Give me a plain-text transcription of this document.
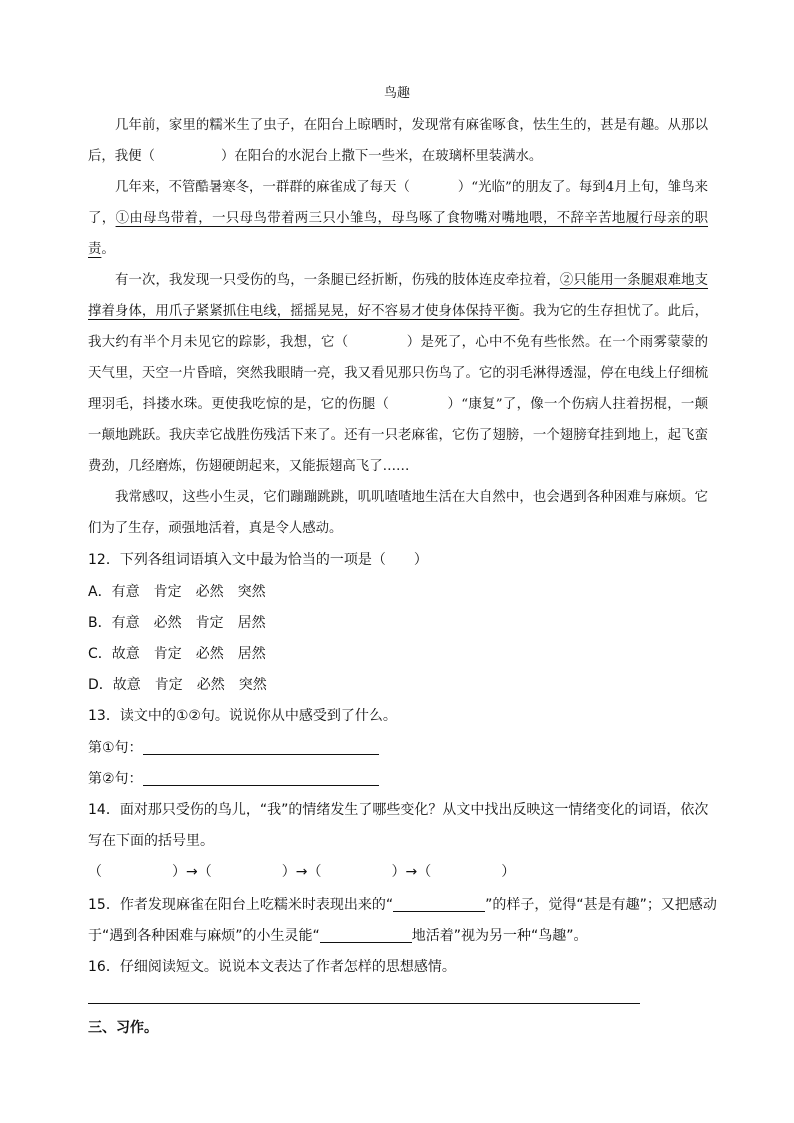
鸟趣
几年前，家里的糯米生了虫子，在阳台上晾晒时，发现常有麻雀啄食，怯生生的，甚是有趣。从那以后，我便（	）在阳台的水泥台上撒下一些米，在玻璃杯里装满水。
几年来，不管酷暑寒冬，一群群的麻雀成了每天（	）“光临”的朋友了。每到4月上旬，雏鸟来了，①由母鸟带着，一只母鸟带着两三只小雏鸟，母鸟啄了食物嘴对嘴地喂，不辞辛苦地履行母亲的职责。
有一次，我发现一只受伤的鸟，一条腿已经折断，伤残的肢体连皮牵拉着，②只能用一条腿艰难地支撑着身体，用爪子紧紧抓住电线，摇摇晃晃，好不容易才使身体保持平衡。我为它的生存担忧了。此后，我大约有半个月未见它的踪影，我想，它（	）是死了，心中不免有些怅然。在一个雨雾蒙蒙的天气里，天空一片昏暗，突然我眼睛一亮，我又看见那只伤鸟了。它的羽毛淋得透湿，停在电线上仔细梳理羽毛，抖搂水珠。更使我吃惊的是，它的伤腿（	）“康复”了，像一个伤病人拄着拐棍，一颠一颠地跳跃。我庆幸它战胜伤残活下来了。还有一只老麻雀，它伤了翅膀，一个翅膀耷挂到地上，起飞蛮费劲，几经磨炼，伤翅硬朗起来，又能振翅高飞了……
我常感叹，这些小生灵，它们蹦蹦跳跳，叽叽喳喳地生活在大自然中，也会遇到各种困难与麻烦。它们为了生存，顽强地活着，真是令人感动。
12．下列各组词语填入文中最为恰当的一项是（　　）
A．有意　肯定　必然　突然
B．有意　必然　肯定　居然
C．故意　肯定　必然　居然
D．故意　肯定　必然　突然
13．读文中的①②句。说说你从中感受到了什么。
第①句：
第②句：
14．面对那只受伤的鸟儿，“我”的情绪发生了哪些变化？从文中找出反映这一情绪变化的词语，依次
写在下面的括号里。
（　　　　　）→（　　　　　）→（　　　　　）→（　　　　　）
15．作者发现麻雀在阳台上吃糯米时表现出来的“	”的样子，觉得“甚是有趣”；又把感动
于“遇到各种困难与麻烦”的小生灵能“	地活着”视为另一种“鸟趣”。
16．仔细阅读短文。说说本文表达了作者怎样的思想感情。
三、习作。
